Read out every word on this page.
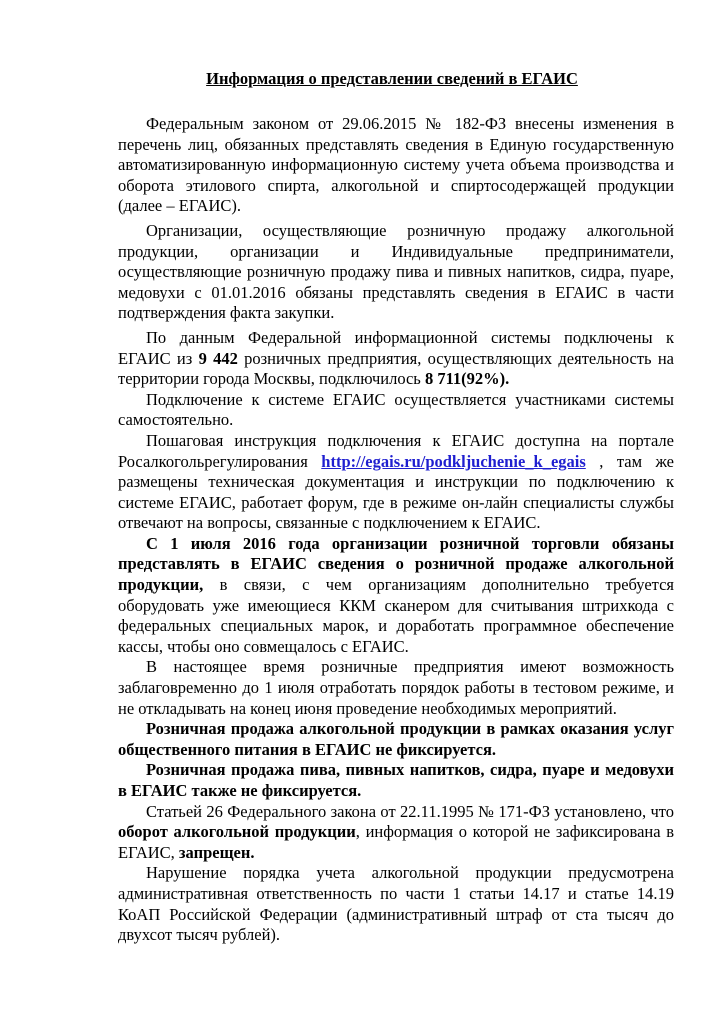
Информация о представлении сведений в ЕГАИС

Федеральным законом от 29.06.2015 № 182-ФЗ внесены изменения в перечень лиц, обязанных представлять сведения в Единую государственную автоматизированную информационную систему учета объема производства и оборота этилового спирта, алкогольной и спиртосодержащей продукции (далее – ЕГАИС).

Организации, осуществляющие розничную продажу алкогольной продукции, организации и Индивидуальные предприниматели, осуществляющие розничную продажу пива и пивных напитков, сидра, пуаре, медовухи с 01.01.2016 обязаны представлять сведения в ЕГАИС в части подтверждения факта закупки.

По данным Федеральной информационной системы подключены к ЕГАИС из 9 442 розничных предприятия, осуществляющих деятельность на территории города Москвы, подключилось 8 711(92%).

Подключение к системе ЕГАИС осуществляется участниками системы самостоятельно.

Пошаговая инструкция подключения к ЕГАИС доступна на портале Росалкогольрегулирования http://egais.ru/podkljuchenie_k_egais , там же размещены техническая документация и инструкции по подключению к системе ЕГАИС, работает форум, где в режиме он-лайн специалисты службы отвечают на вопросы, связанные с подключением к ЕГАИС.

С 1 июля 2016 года организации розничной торговли обязаны представлять в ЕГАИС сведения о розничной продаже алкогольной продукции, в связи, с чем организациям дополнительно требуется оборудовать уже имеющиеся ККМ сканером для считывания штрихкода с федеральных специальных марок, и доработать программное обеспечение кассы, чтобы оно совмещалось с ЕГАИС.

В настоящее время розничные предприятия имеют возможность заблаговременно до 1 июля отработать порядок работы в тестовом режиме, и не откладывать на конец июня проведение необходимых мероприятий.

Розничная продажа алкогольной продукции в рамках оказания услуг общественного питания в ЕГАИС не фиксируется.

Розничная продажа пива, пивных напитков, сидра, пуаре и медовухи в ЕГАИС также не фиксируется.

Статьей 26 Федерального закона от 22.11.1995 № 171-ФЗ установлено, что оборот алкогольной продукции, информация о которой не зафиксирована в ЕГАИС, запрещен.

Нарушение порядка учета алкогольной продукции предусмотрена административная ответственность по части 1 статьи 14.17 и статье 14.19 КоАП Российской Федерации (административный штраф от ста тысяч до двухсот тысяч рублей).
